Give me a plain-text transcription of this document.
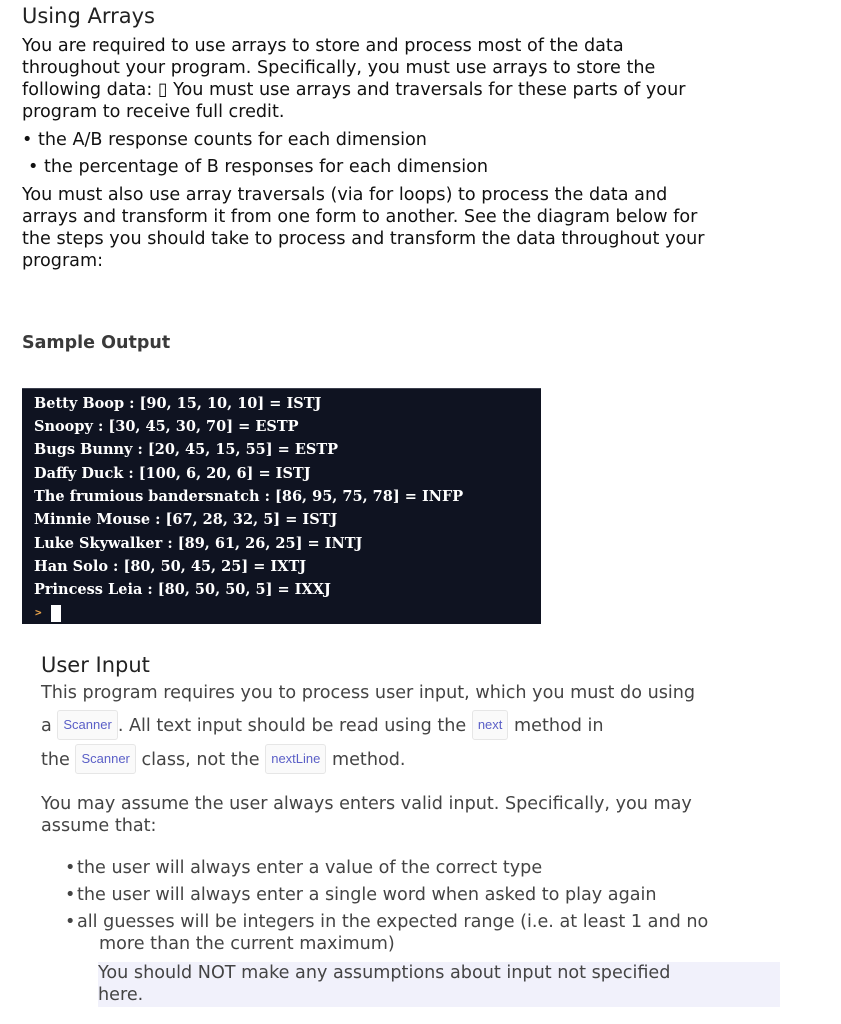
Using Arrays
You are required to use arrays to store and process most of the data
throughout your program. Specifically, you must use arrays to store the
following data: ▯ You must use arrays and traversals for these parts of your
program to receive full credit.
• the A/B response counts for each dimension
• the percentage of B responses for each dimension
You must also use array traversals (via for loops) to process the data and
arrays and transform it from one form to another. See the diagram below for
the steps you should take to process and transform the data throughout your
program:
Sample Output
Betty Boop : [90, 15, 10, 10] = ISTJ
Snoopy : [30, 45, 30, 70] = ESTP
Bugs Bunny : [20, 45, 15, 55] = ESTP
Daffy Duck : [100, 6, 20, 6] = ISTJ
The frumious bandersnatch : [86, 95, 75, 78] = INFP
Minnie Mouse : [67, 28, 32, 5] = ISTJ
Luke Skywalker : [89, 61, 26, 25] = INTJ
Han Solo : [80, 50, 45, 25] = IXTJ
Princess Leia : [80, 50, 50, 5] = IXXJ
>
User Input
This program requires you to process user input, which you must do using
a Scanner . All text input should be read using the next method in
the Scanner class, not the nextLine method.
You may assume the user always enters valid input. Specifically, you may
assume that:
•the user will always enter a value of the correct type
•the user will always enter a single word when asked to play again
•all guesses will be integers in the expected range (i.e. at least 1 and no
more than the current maximum)
You should NOT make any assumptions about input not specified
here.
